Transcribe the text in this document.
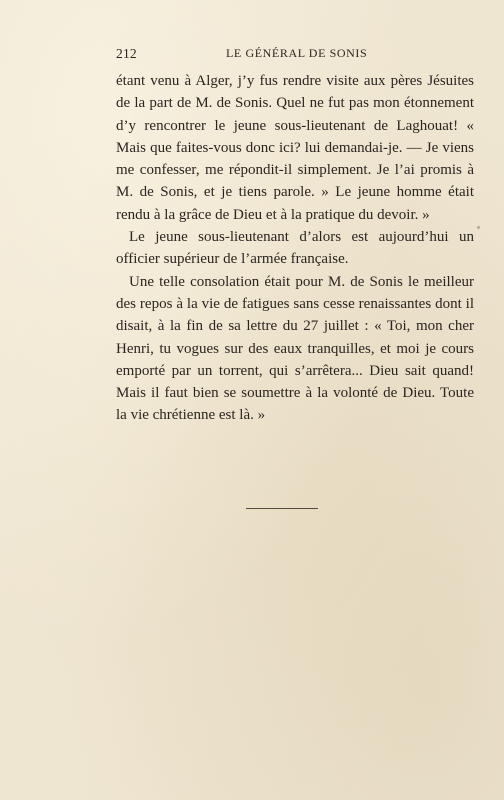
212	LE GÉNÉRAL DE SONIS

étant venu à Alger, j’y fus rendre visite aux pères Jésuites de la part de M. de Sonis. Quel ne fut pas mon étonnement d’y rencontrer le jeune sous-lieutenant de Laghouat! « Mais que faites-vous donc ici? lui demandai-je. — Je viens me confesser, me répondit-il simplement. Je l’ai promis à M. de Sonis, et je tiens parole. » Le jeune homme était rendu à la grâce de Dieu et à la pratique du devoir. »

Le jeune sous-lieutenant d’alors est aujourd’hui un officier supérieur de l’armée française.

Une telle consolation était pour M. de Sonis le meilleur des repos à la vie de fatigues sans cesse renaissantes dont il disait, à la fin de sa lettre du 27 juillet : « Toi, mon cher Henri, tu vogues sur des eaux tranquilles, et moi je cours emporté par un torrent, qui s’arrêtera... Dieu sait quand! Mais il faut bien se soumettre à la volonté de Dieu. Toute la vie chrétienne est là. »
